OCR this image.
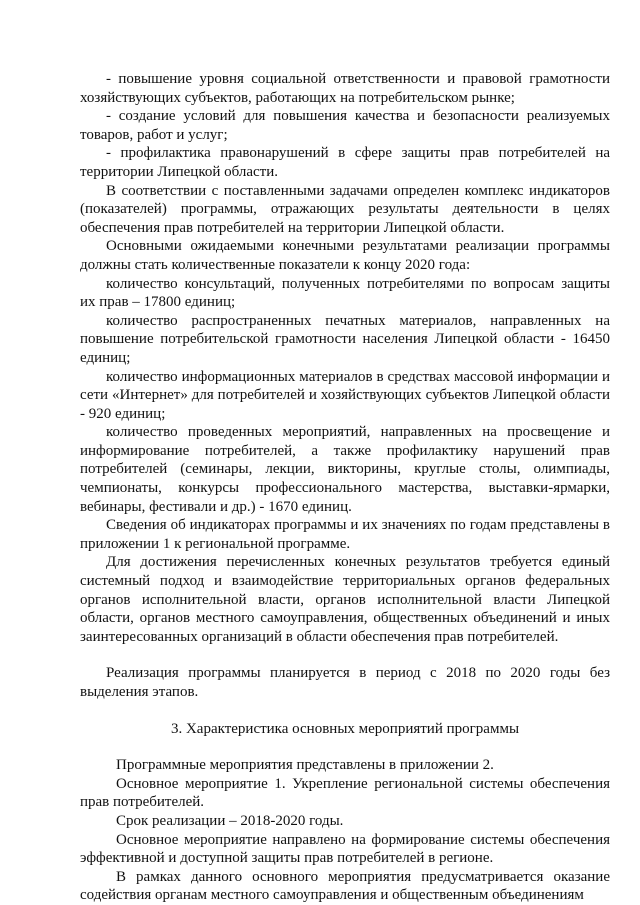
- повышение уровня социальной ответственности и правовой грамотности хозяйствующих субъектов, работающих на потребительском рынке;

- создание условий для повышения качества и безопасности реализуемых товаров, работ и услуг;

- профилактика правонарушений в сфере защиты прав потребителей на территории Липецкой области.

В соответствии с поставленными задачами определен комплекс индикаторов (показателей) программы, отражающих результаты деятельности в целях обеспечения прав потребителей на территории Липецкой области.

Основными ожидаемыми конечными результатами реализации программы должны стать количественные показатели к концу 2020 года:

количество консультаций, полученных потребителями по вопросам защиты их прав – 17800 единиц;

количество распространенных печатных материалов, направленных на повышение потребительской грамотности населения Липецкой области - 16450 единиц;

количество информационных материалов в средствах массовой информации и сети «Интернет» для потребителей и хозяйствующих субъектов Липецкой области - 920 единиц;

количество проведенных мероприятий, направленных на просвещение и информирование потребителей, а также профилактику нарушений прав потребителей (семинары, лекции, викторины, круглые столы, олимпиады, чемпионаты, конкурсы профессионального мастерства, выставки-ярмарки, вебинары, фестивали и др.) - 1670 единиц.

Сведения об индикаторах программы и их значениях по годам представлены в приложении 1 к региональной программе.

Для достижения перечисленных конечных результатов требуется единый системный подход и взаимодействие территориальных органов федеральных органов исполнительной власти, органов исполнительной власти Липецкой области, органов местного самоуправления, общественных объединений и иных заинтересованных организаций в области обеспечения прав потребителей.

Реализация программы планируется в период с 2018 по 2020 годы без выделения этапов.

3. Характеристика основных мероприятий программы

Программные мероприятия представлены в приложении 2.

Основное мероприятие 1. Укрепление региональной системы обеспечения прав потребителей.

Срок реализации – 2018-2020 годы.

Основное мероприятие направлено на формирование системы обеспечения эффективной и доступной защиты прав потребителей в регионе.

В рамках данного основного мероприятия предусматривается оказание содействия органам местного самоуправления и общественным объединениям
